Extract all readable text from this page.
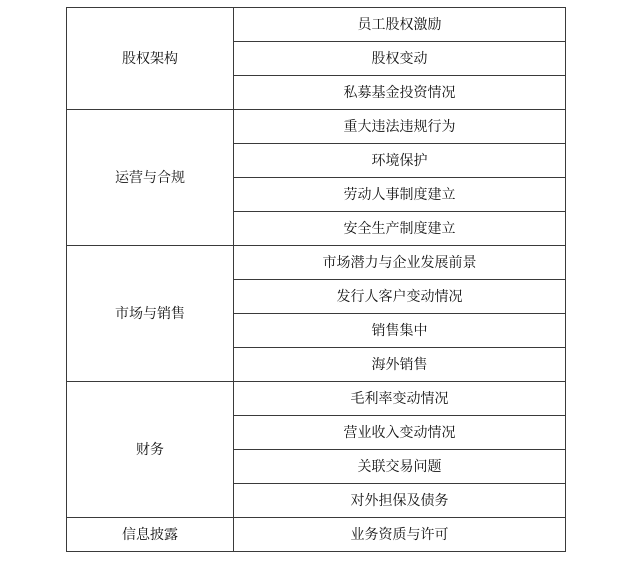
股权架构	员工股权激励
	股权变动
	私募基金投资情况
运营与合规	重大违法违规行为
	环境保护
	劳动人事制度建立
	安全生产制度建立
市场与销售	市场潜力与企业发展前景
	发行人客户变动情况
	销售集中
	海外销售
财务	毛利率变动情况
	营业收入变动情况
	关联交易问题
	对外担保及债务
信息披露	业务资质与许可
